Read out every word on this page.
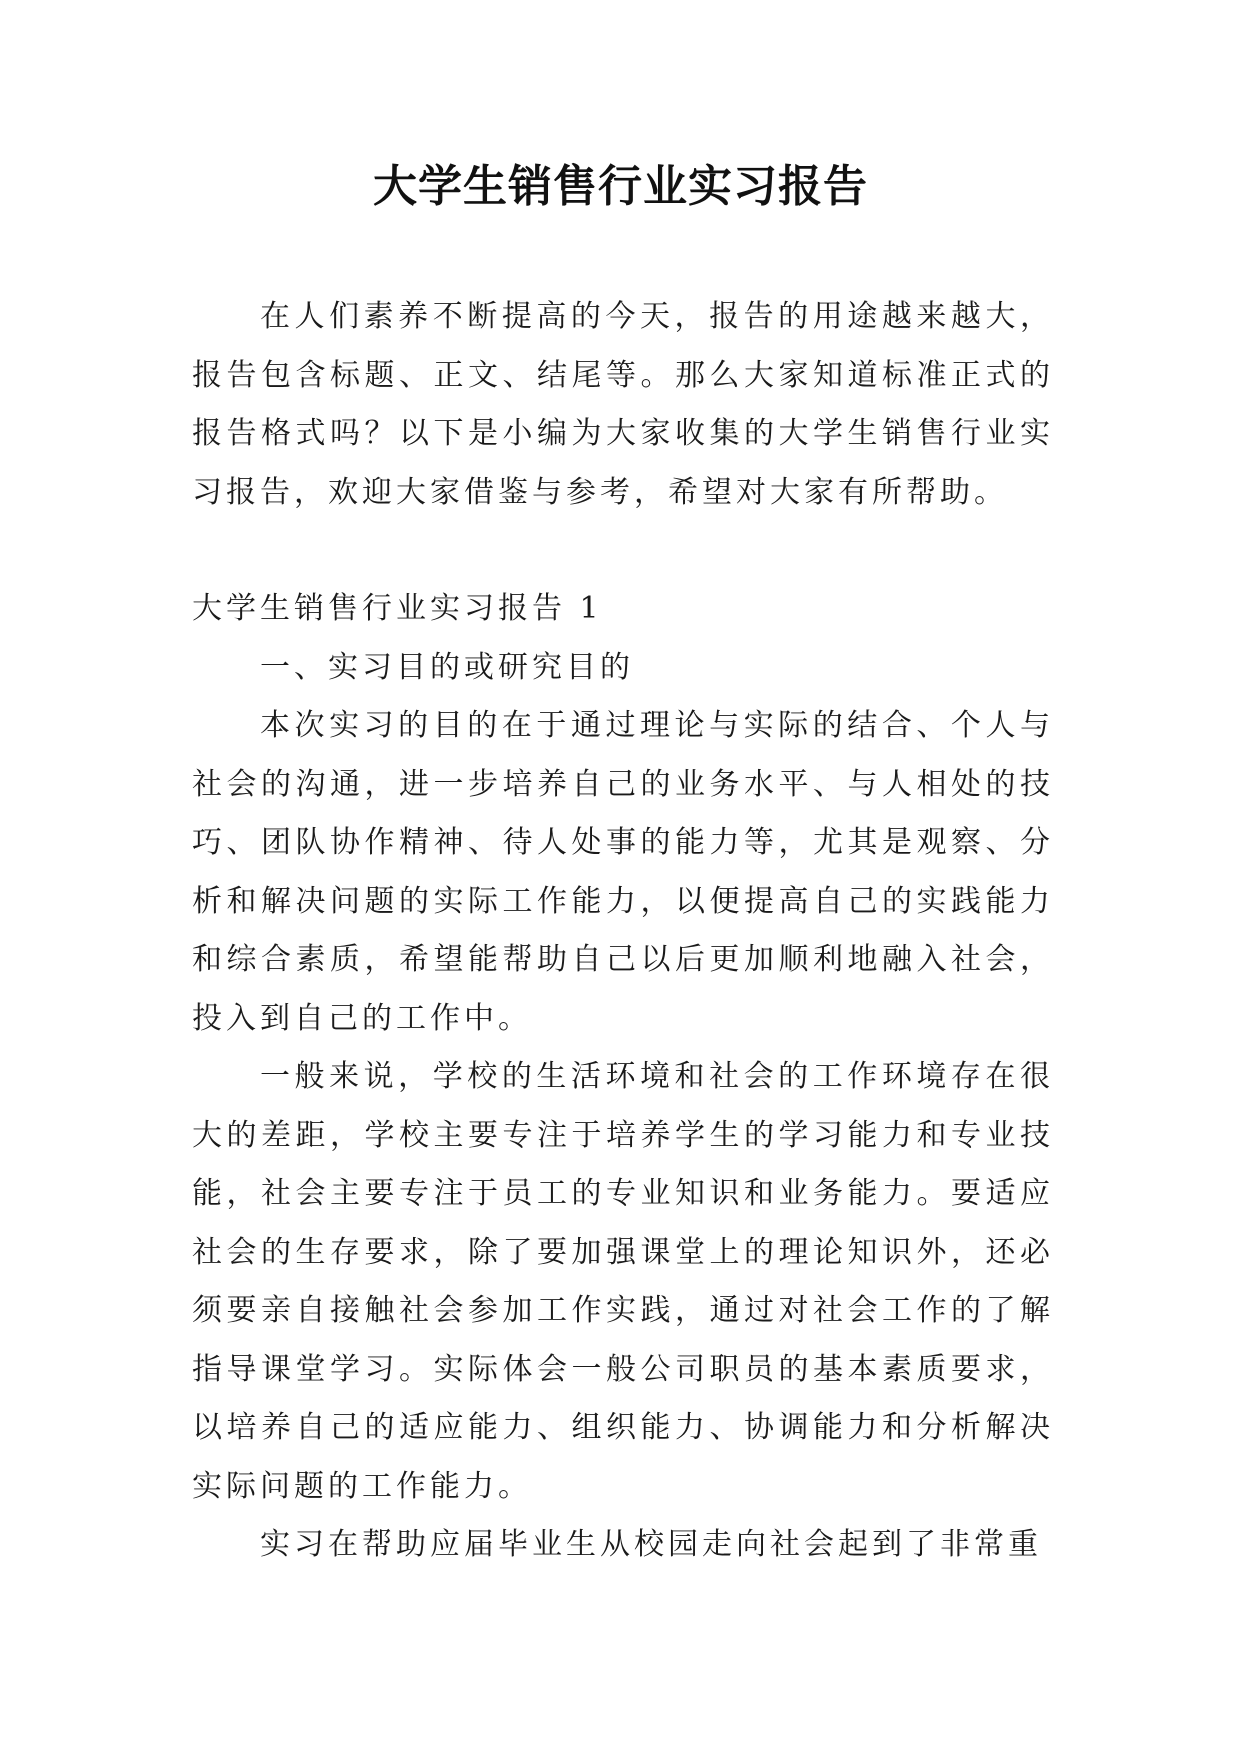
大学生销售行业实习报告

在人们素养不断提高的今天，报告的用途越来越大，报告包含标题、正文、结尾等。那么大家知道标准正式的报告格式吗？以下是小编为大家收集的大学生销售行业实习报告，欢迎大家借鉴与参考，希望对大家有所帮助。

大学生销售行业实习报告 1

一、实习目的或研究目的

本次实习的目的在于通过理论与实际的结合、个人与社会的沟通，进一步培养自己的业务水平、与人相处的技巧、团队协作精神、待人处事的能力等，尤其是观察、分析和解决问题的实际工作能力，以便提高自己的实践能力和综合素质，希望能帮助自己以后更加顺利地融入社会，投入到自己的工作中。

一般来说，学校的生活环境和社会的工作环境存在很大的差距，学校主要专注于培养学生的学习能力和专业技能，社会主要专注于员工的专业知识和业务能力。要适应社会的生存要求，除了要加强课堂上的理论知识外，还必须要亲自接触社会参加工作实践，通过对社会工作的了解指导课堂学习。实际体会一般公司职员的基本素质要求，以培养自己的适应能力、组织能力、协调能力和分析解决实际问题的工作能力。

实习在帮助应届毕业生从校园走向社会起到了非常重
